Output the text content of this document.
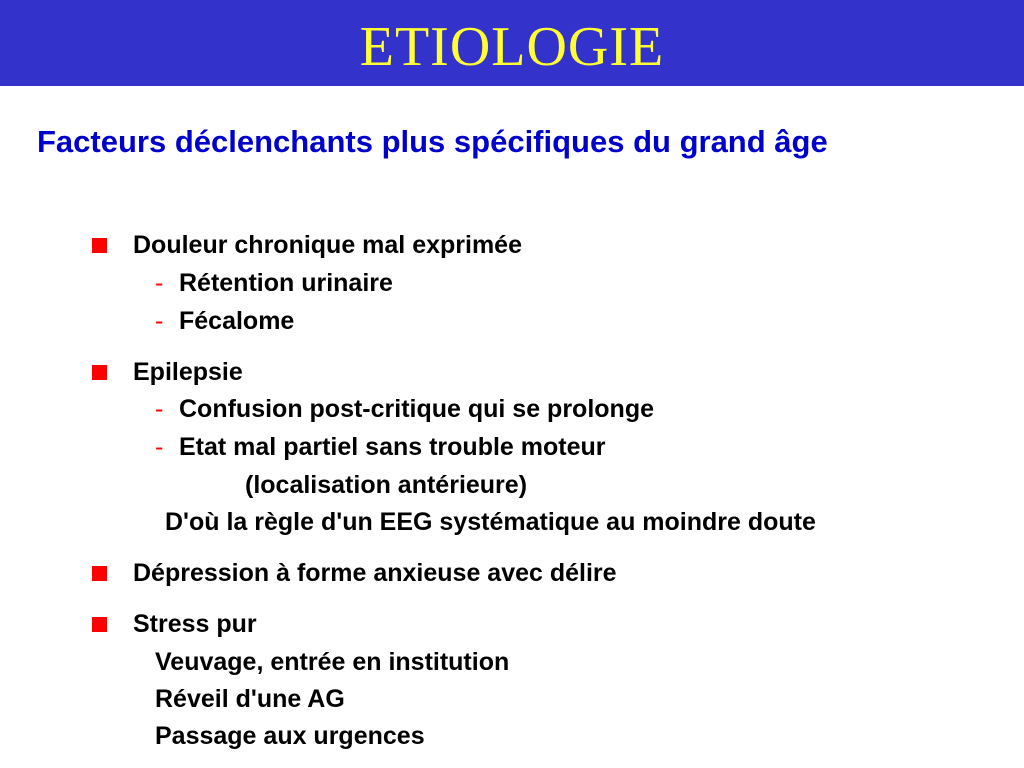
ETIOLOGIE
Facteurs déclenchants plus spécifiques du grand âge
Douleur chronique mal exprimée
- Rétention urinaire
- Fécalome
Epilepsie
- Confusion post-critique qui se prolonge
- Etat mal partiel sans trouble moteur
(localisation antérieure)
D'où la règle d'un EEG systématique au moindre doute
Dépression à forme anxieuse avec délire
Stress pur
Veuvage, entrée en institution
Réveil d'une AG
Passage aux urgences
